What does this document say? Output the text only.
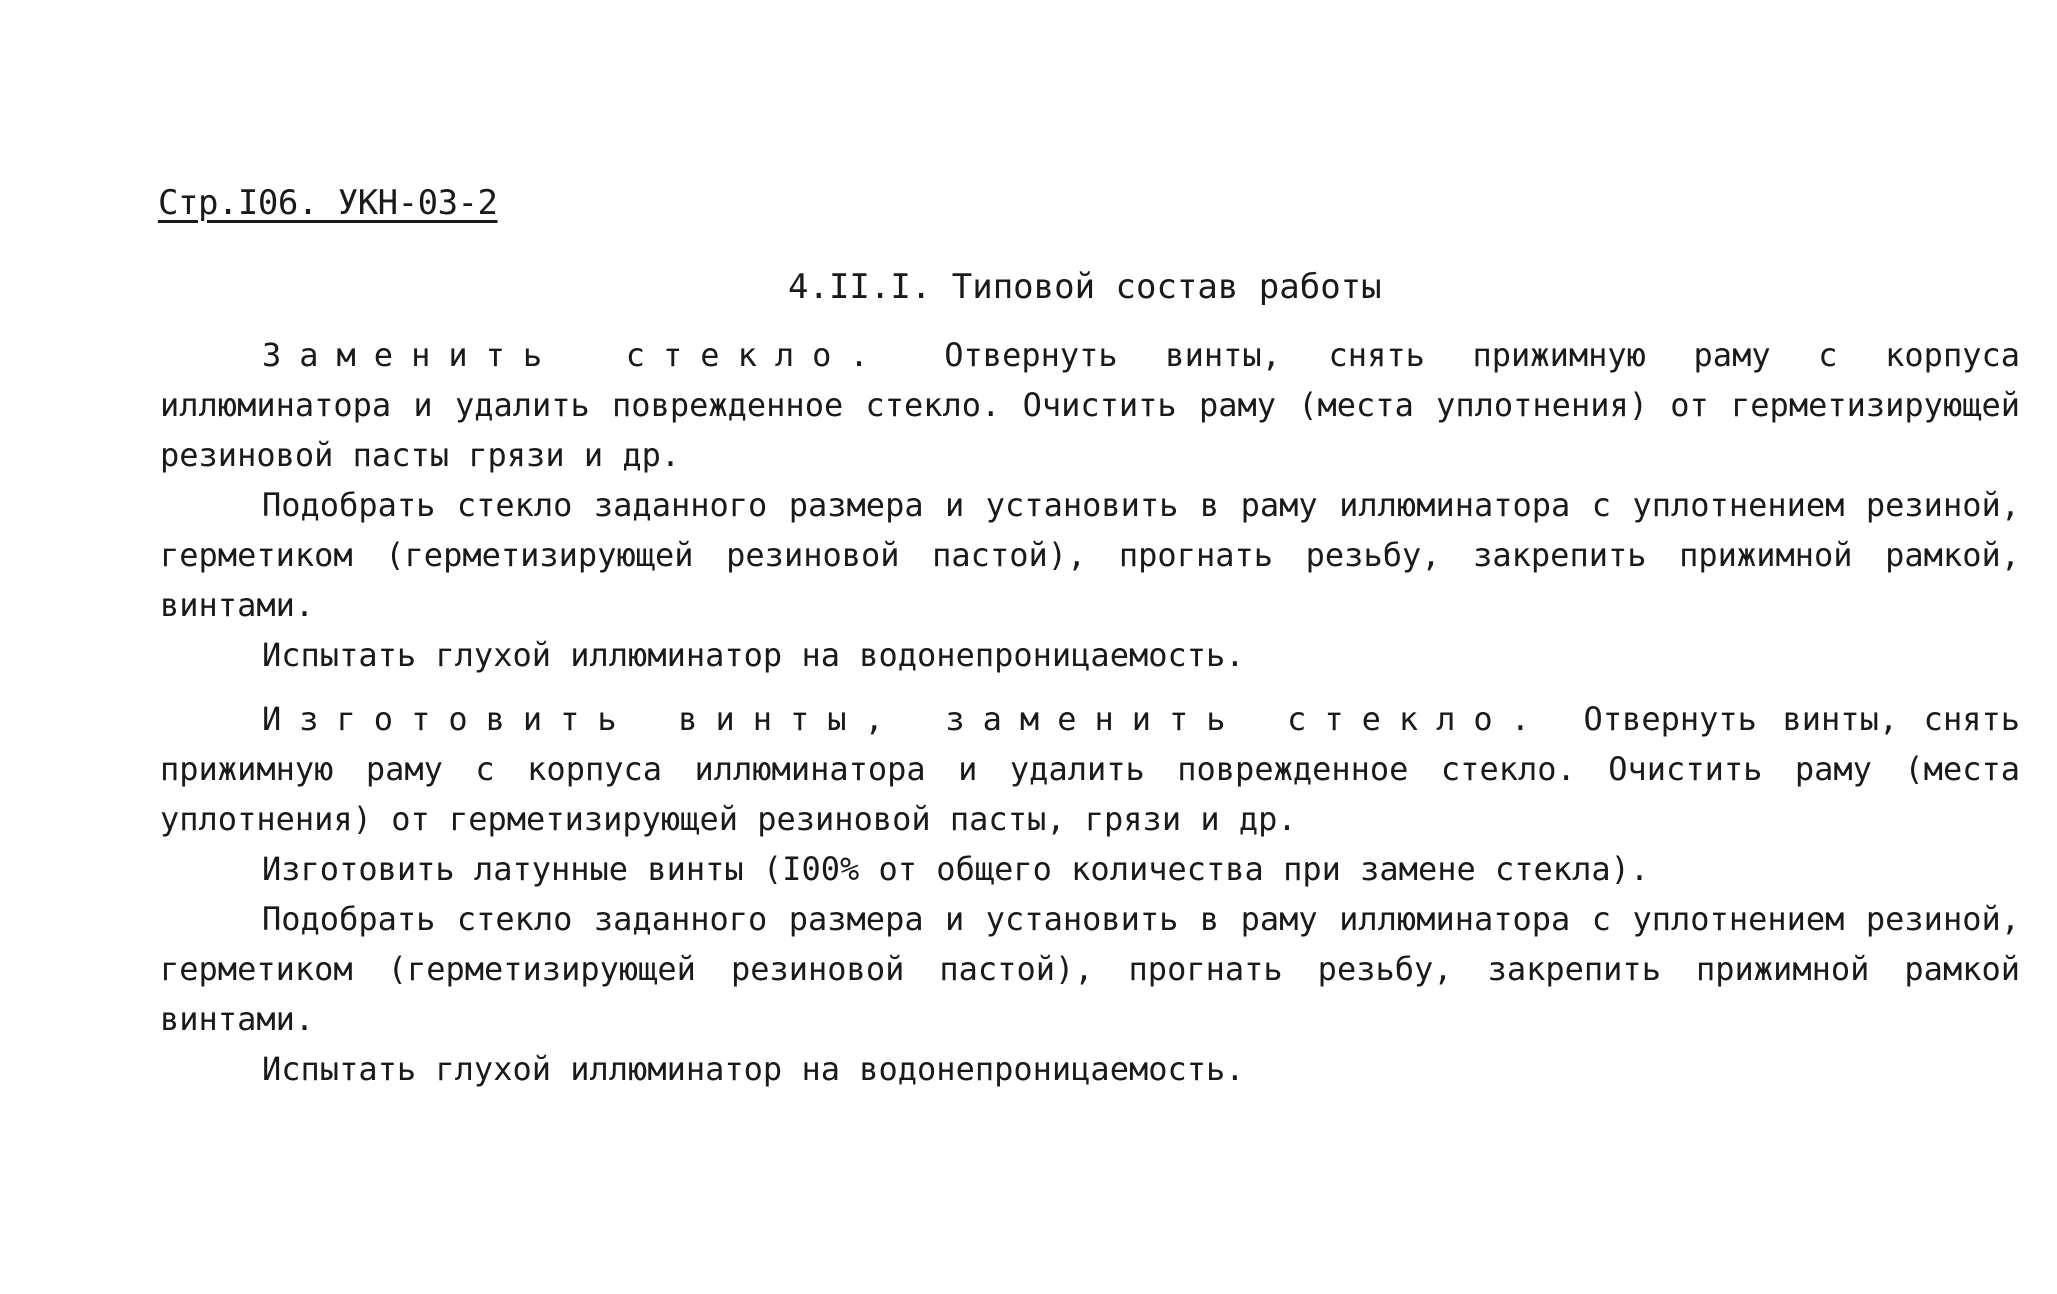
Стр.I06. УКН-03-2
4.II.I. Типовой состав работы

Заменить стекло. Отвернуть винты, снять прижимную раму с корпуса иллюминатора и удалить поврежденное стекло. Очистить раму (места уплотнения) от герметизирующей резиновой пасты грязи и др.

Подобрать стекло заданного размера и установить в раму иллюминатора с уплотнением резиной, герметиком (герметизирующей резиновой пастой), прогнать резьбу, закрепить прижимной рамкой, винтами.

Испытать глухой иллюминатор на водонепроницаемость.

Изготовить винты, заменить стекло. Отвернуть винты, снять прижимную раму с корпуса иллюминатора и удалить поврежденное стекло. Очистить раму (места уплотнения) от герметизирующей резиновой пасты, грязи и др.

Изготовить латунные винты (I00% от общего количества при замене стекла).

Подобрать стекло заданного размера и установить в раму иллюминатора с уплотнением резиной, герметиком (герметизирующей резиновой пастой), прогнать резьбу, закрепить прижимной рамкой винтами.

Испытать глухой иллюминатор на водонепроницаемость.
